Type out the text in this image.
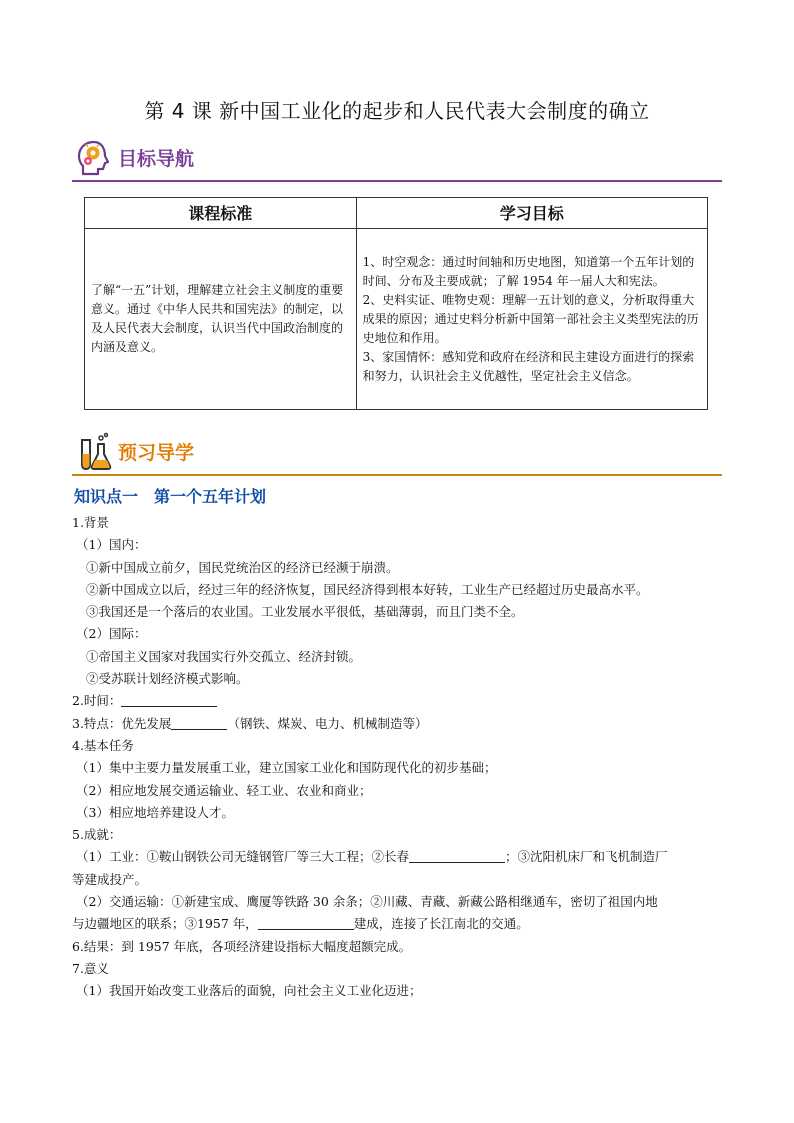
第 4 课 新中国工业化的起步和人民代表大会制度的确立
目标导航
课程标准	学习目标
了解“一五”计划，理解建立社会主义制度的重要意义。通过《中华人民共和国宪法》的制定，以及人民代表大会制度，认识当代中国政治制度的内涵及意义。	1、时空观念：通过时间轴和历史地图，知道第一个五年计划的时间、分布及主要成就；了解 1954 年一届人大和宪法。
2、史料实证、唯物史观：理解一五计划的意义，分析取得重大成果的原因；通过史料分析新中国第一部社会主义类型宪法的历史地位和作用。
3、家国情怀：感知党和政府在经济和民主建设方面进行的探索和努力，认识社会主义优越性，坚定社会主义信念。
预习导学
知识点一 第一个五年计划
1.背景
（1）国内：
①新中国成立前夕，国民党统治区的经济已经濒于崩溃。
②新中国成立以后，经过三年的经济恢复，国民经济得到根本好转，工业生产已经超过历史最高水平。
③我国还是一个落后的农业国。工业发展水平很低，基础薄弱，而且门类不全。
（2）国际：
①帝国主义国家对我国实行外交孤立、经济封锁。
②受苏联计划经济模式影响。
2.时间：
3.特点：优先发展	（钢铁、煤炭、电力、机械制造等）
4.基本任务
（1）集中主要力量发展重工业，建立国家工业化和国防现代化的初步基础；
（2）相应地发展交通运输业、轻工业、农业和商业；
（3）相应地培养建设人才。
5.成就：
（1）工业：①鞍山钢铁公司无缝钢管厂等三大工程；②长春	；③沈阳机床厂和飞机制造厂
等建成投产。
（2）交通运输：①新建宝成、鹰厦等铁路 30 余条；②川藏、青藏、新藏公路相继通车，密切了祖国内地
与边疆地区的联系；③1957 年，	建成，连接了长江南北的交通。
6.结果：到 1957 年底，各项经济建设指标大幅度超额完成。
7.意义
（1）我国开始改变工业落后的面貌，向社会主义工业化迈进；
